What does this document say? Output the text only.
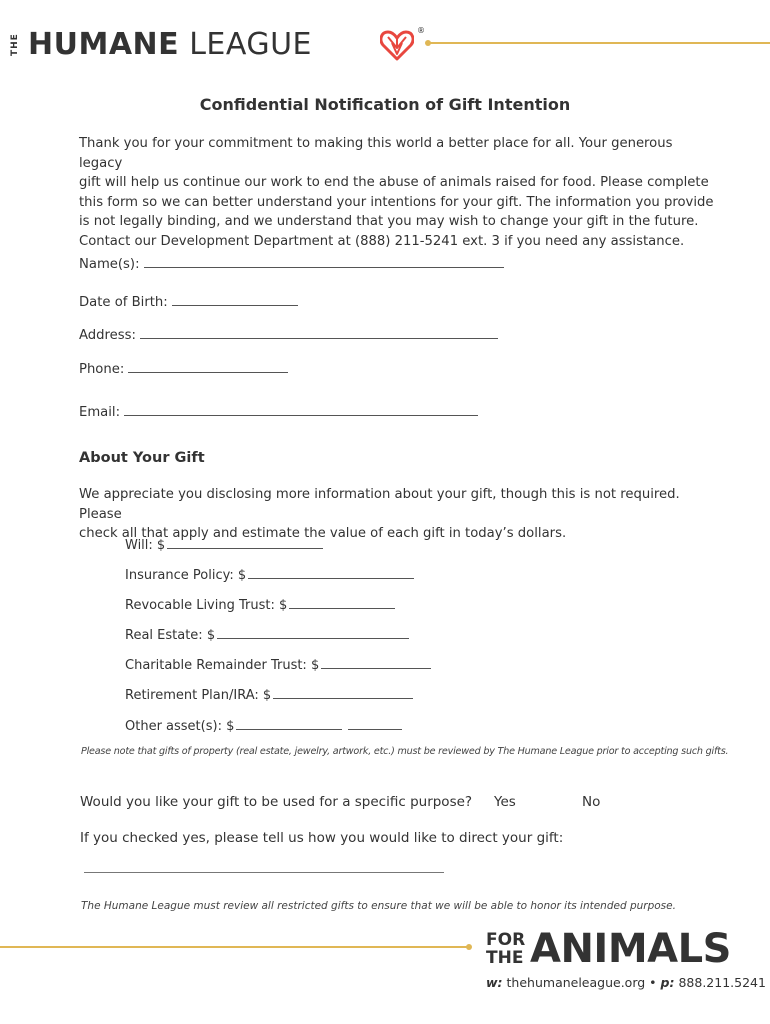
THE HUMANE LEAGUE	®
Confidential Notification of Gift Intention
Thank you for your commitment to making this world a better place for all. Your generous legacy
gift will help us continue our work to end the abuse of animals raised for food. Please complete
this form so we can better understand your intentions for your gift. The information you provide
is not legally binding, and we understand that you may wish to change your gift in the future.
Contact our Development Department at (888) 211-5241 ext. 3 if you need any assistance.
Name(s):
Date of Birth:
Address:
Phone:
Email:
About Your Gift
We appreciate you disclosing more information about your gift, though this is not required. Please
check all that apply and estimate the value of each gift in today’s dollars.
Will: $
Insurance Policy: $
Revocable Living Trust: $
Real Estate: $
Charitable Remainder Trust: $
Retirement Plan/IRA: $
Other asset(s): $
Please note that gifts of property (real estate, jewelry, artwork, etc.) must be reviewed by The Humane League prior to accepting such gifts.
Would you like your gift to be used for a specific purpose? Yes	No
If you checked yes, please tell us how you would like to direct your gift:
The Humane League must review all restricted gifts to ensure that we will be able to honor its intended purpose.
FOR
THE ANIMALS
w: thehumaneleague.org • p: 888.211.5241
